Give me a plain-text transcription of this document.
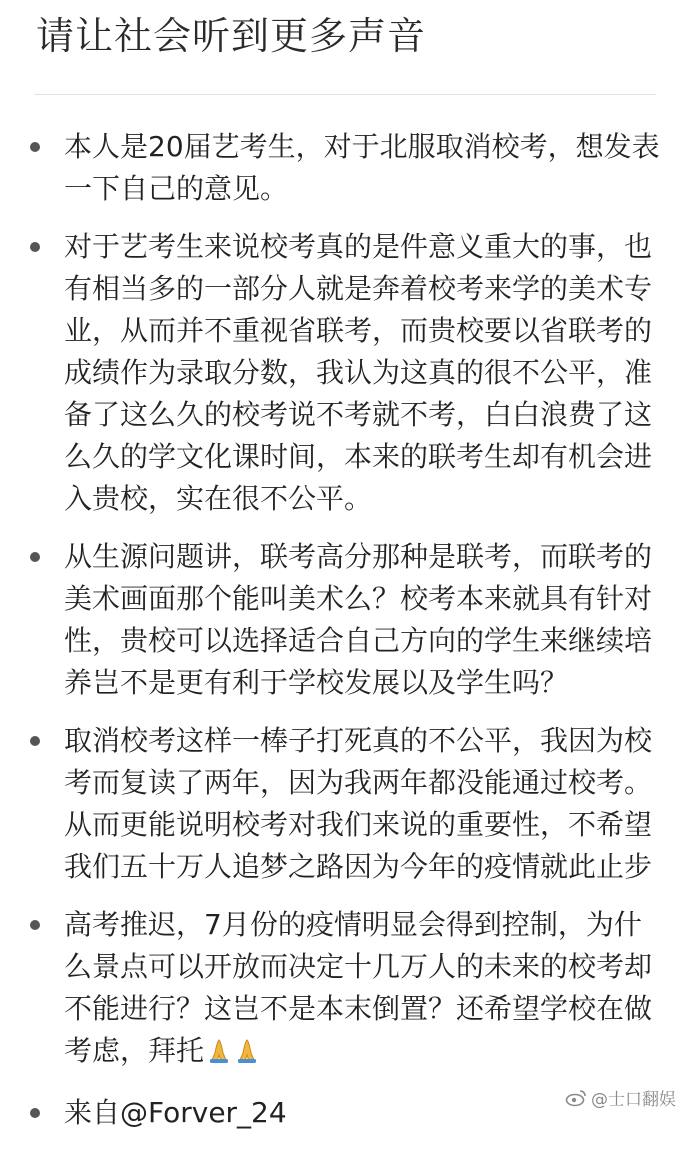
请让社会听到更多声音
本人是20届艺考生，对于北服取消校考，想发表一下自己的意见。
对于艺考生来说校考真的是件意义重大的事，也有相当多的一部分人就是奔着校考来学的美术专业，从而并不重视省联考，而贵校要以省联考的成绩作为录取分数，我认为这真的很不公平，准备了这么久的校考说不考就不考，白白浪费了这么久的学文化课时间，本来的联考生却有机会进入贵校，实在很不公平。
从生源问题讲，联考高分那种是联考，而联考的美术画面那个能叫美术么？校考本来就具有针对性，贵校可以选择适合自己方向的学生来继续培养岂不是更有利于学校发展以及学生吗？
取消校考这样一棒子打死真的不公平，我因为校考而复读了两年，因为我两年都没能通过校考。从而更能说明校考对我们来说的重要性，不希望我们五十万人追梦之路因为今年的疫情就此止步
高考推迟，7月份的疫情明显会得到控制，为什么景点可以开放而决定十几万人的未来的校考却不能进行？这岂不是本末倒置？还希望学校在做考虑，拜托
来自@Forver_24	@士口翻娱
